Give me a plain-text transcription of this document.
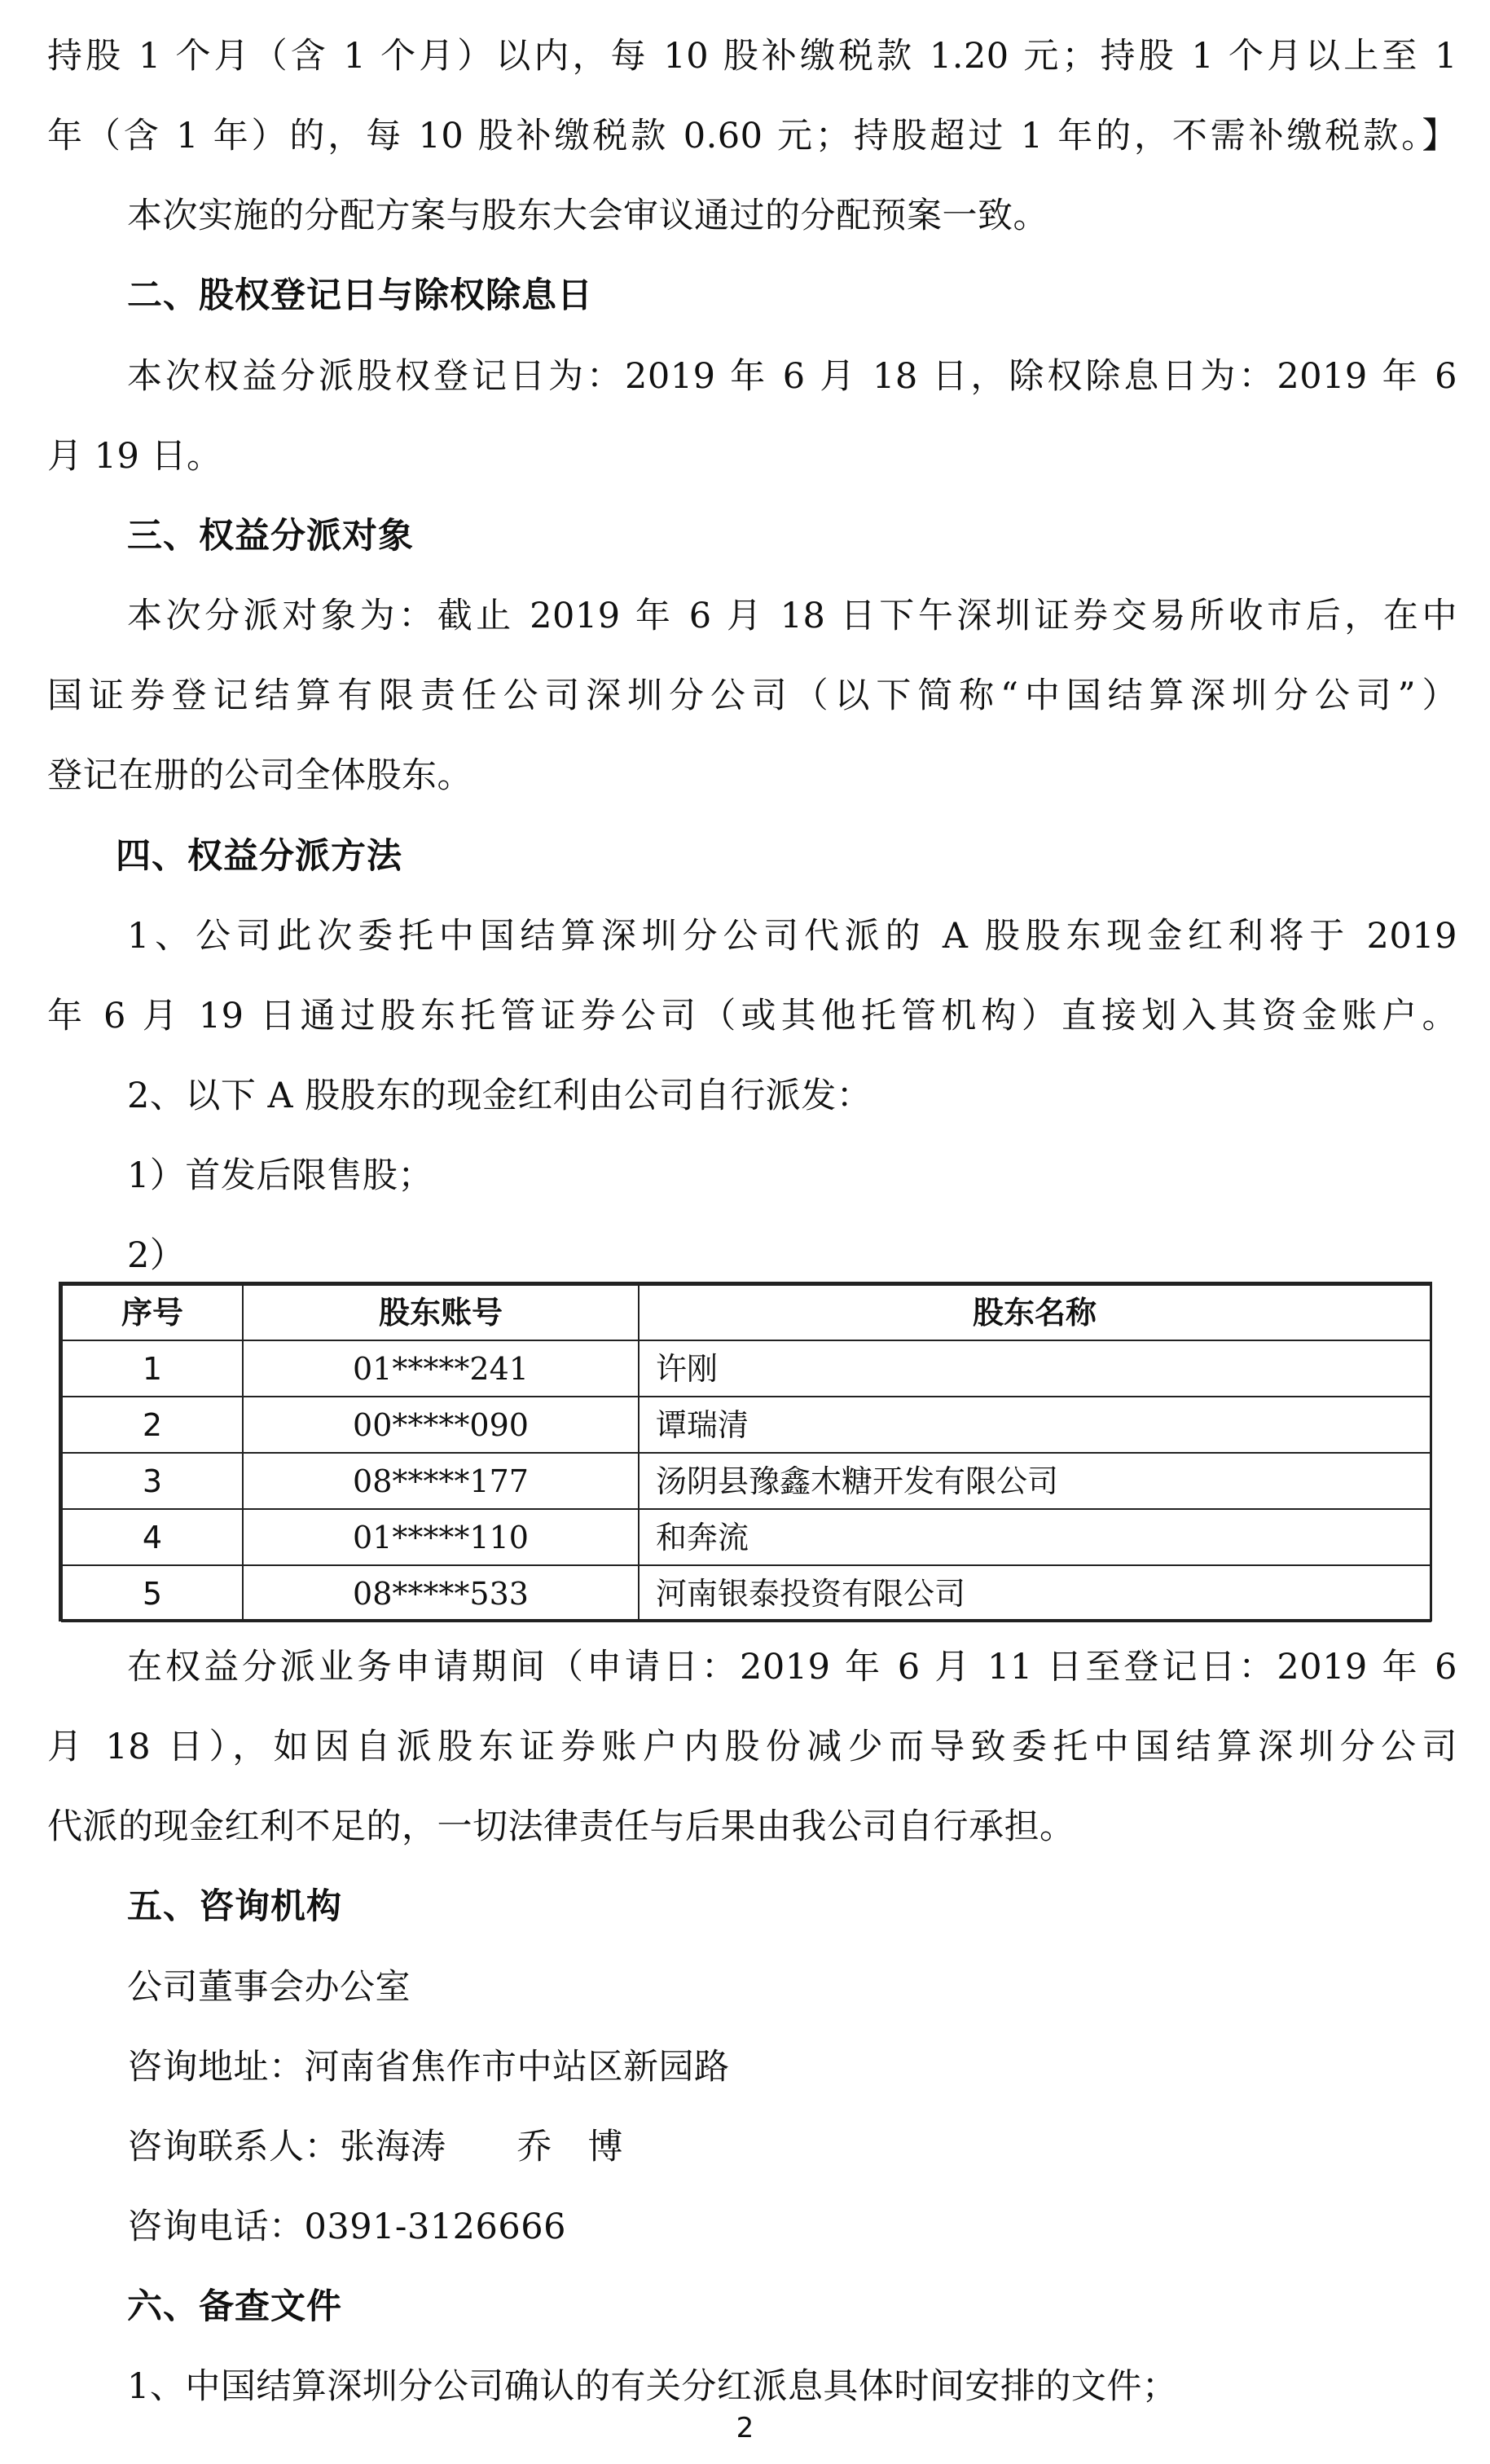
持股 1 个月（含 1 个月）以内，每 10 股补缴税款 1.20 元；持股 1 个月以上至 1
年（含 1 年）的，每 10 股补缴税款 0.60 元；持股超过 1 年的，不需补缴税款。】
本次实施的分配方案与股东大会审议通过的分配预案一致。
二、股权登记日与除权除息日
本次权益分派股权登记日为：2019 年 6 月 18 日，除权除息日为：2019 年 6
月 19 日。
三、权益分派对象
本次分派对象为：截止 2019 年 6 月 18 日下午深圳证券交易所收市后，在中
国证券登记结算有限责任公司深圳分公司（以下简称“中国结算深圳分公司”）
登记在册的公司全体股东。
四、权益分派方法
1、公司此次委托中国结算深圳分公司代派的 A 股股东现金红利将于 2019
年 6 月 19 日通过股东托管证券公司（或其他托管机构）直接划入其资金账户。
2、以下 A 股股东的现金红利由公司自行派发：
1）首发后限售股；
2）
序号	股东账号	股东名称
1	01*****241	许刚
2	00*****090	谭瑞清
3	08*****177	汤阴县豫鑫木糖开发有限公司
4	01*****110	和奔流
5	08*****533	河南银泰投资有限公司
在权益分派业务申请期间（申请日：2019 年 6 月 11 日至登记日：2019 年 6
月 18 日），如因自派股东证券账户内股份减少而导致委托中国结算深圳分公司
代派的现金红利不足的，一切法律责任与后果由我公司自行承担。
五、咨询机构
公司董事会办公室
咨询地址：河南省焦作市中站区新园路
咨询联系人：张海涛　　乔　博
咨询电话：0391-3126666
六、备查文件
1、中国结算深圳分公司确认的有关分红派息具体时间安排的文件；
2
